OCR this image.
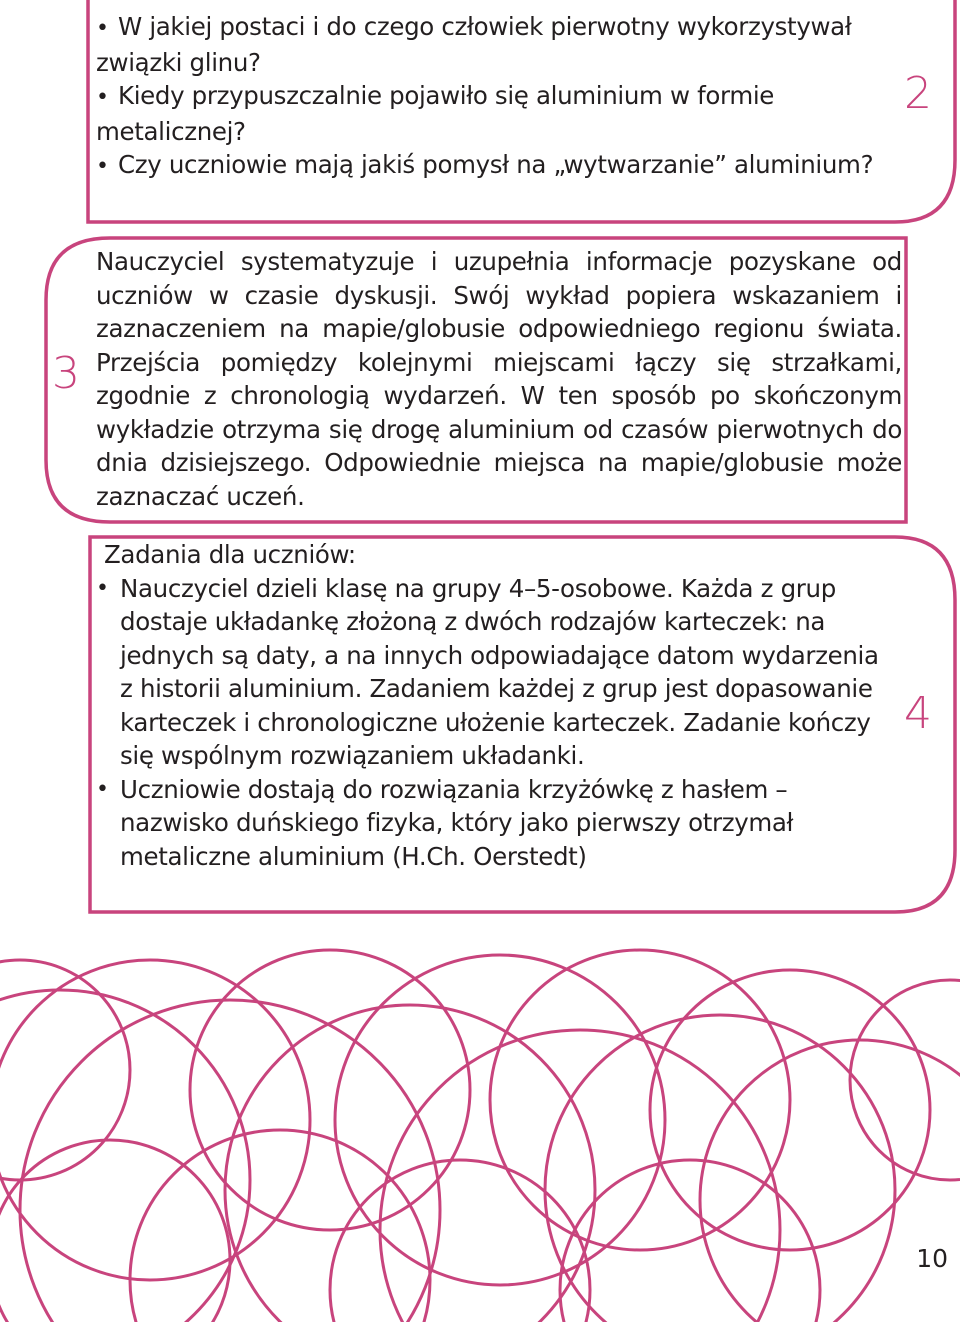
• W jakiej postaci i do czego człowiek pierwotny wykorzystywał związki glinu?
• Kiedy przypuszczalnie pojawiło się aluminium w formie metalicznej?
• Czy uczniowie mają jakiś pomysł na „wytwarzanie” aluminium?
2

Nauczyciel systematyzuje i uzupełnia informacje pozyskane od uczniów w czasie dyskusji. Swój wykład popiera wskazaniem i zaznaczeniem na mapie/globusie odpowiedniego regionu świata. Przejścia pomiędzy kolejnymi miejscami łączy się strzałkami, zgodnie z chronologią wydarzeń. W ten sposób po skończonym wykładzie otrzyma się drogę aluminium od czasów pierwotnych do dnia dzisiejszego. Odpowiednie miejsca na mapie/globusie może zaznaczać uczeń.

3

Zadania dla uczniów:

• Nauczyciel dzieli klasę na grupy 4–5-osobowe. Każda z grup dostaje układankę złożoną z dwóch rodzajów karteczek: na jednych są daty, a na innych odpowiadające datom wydarzenia z historii aluminium. Zadaniem każdej z grup jest dopasowanie karteczek i chronologiczne ułożenie karteczek. Zadanie kończy się wspólnym rozwiązaniem układanki.
• Uczniowie dostają do rozwiązania krzyżówkę z hasłem – nazwisko duńskiego fizyka, który jako pierwszy otrzymał metaliczne aluminium (H.Ch. Oerstedt)
4
10
